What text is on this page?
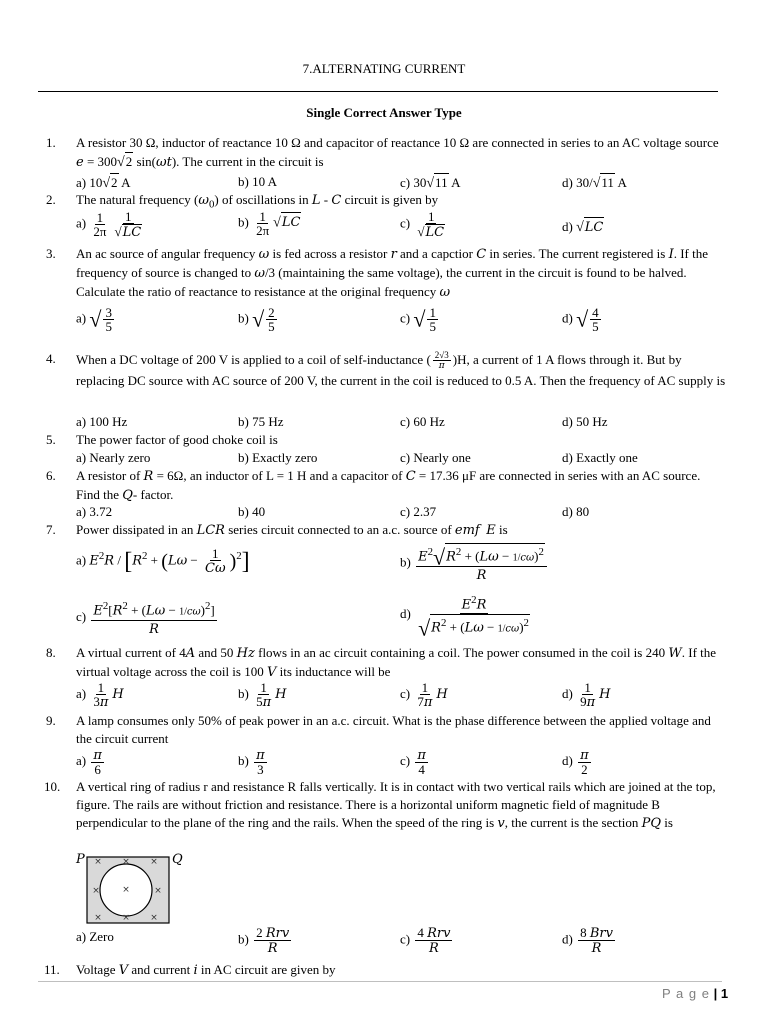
7.ALTERNATING CURRENT
Single Correct Answer Type
1.	A resistor 30 Ω, inductor of reactance 10 Ω and capacitor of reactance 10 Ω are connected in series to an AC voltage source e = 300√2 sin(ωt). The current in the circuit is
a) 10√2 A	b) 10 A	c) 30√11 A	d) 30/√11 A
2.	The natural frequency $(\omega_0)$ of oscillations in L - C circuit is given by
$a) \frac{1}{2\pi} \frac{1}{√LC}$	$b) \frac{1}{2\pi} √LC$	$c) \frac{1}{√LC}$	d) √LC
3.	An ac source of angular frequency ω is fed across a resistor r and a capctior C in series. The current registered is I. If the frequency of source is changed to ω/3 (maintaining the same voltage), the current in the circuit is found to be halved. Calculate the ratio of reactance to resistance at the original frequency ω
a) √ $\frac{3}{5}$	b) √ $\frac{2}{5}$	c) √ $\frac{1}{5}$	d) √ $\frac{4}{5}$
4.	When a DC voltage of 200 V is applied to a coil of self-inductance ( $\frac{2√3}{\pi} )H$, a current of 1 A flows through it. But by replacing DC source with AC source of 200 V, the current in the coil is reduced to 0.5 A. Then the frequency of AC supply is
a) 100 Hz	b) 75 Hz	c) 60 Hz	d) 50 Hz
5.	The power factor of good choke coil is
a) Nearly zero	b) Exactly zero	c) Nearly one	d) Exactly one
6.	A resistor of R = 6Ω, an inductor of L = 1 H and a capacitor of C = 17.36 μF are connected in series with an AC source. Find the Q- factor.
a) 3.72	b) 40	c) 2.37	d) 80
7.	Power dissipated in an LCR series circuit connected to an a.c. source of emf E is
a) $E^2R / [R^2 + (L\omega - \frac{1}{C\omega} )^2]$	$b) \frac{E^2√R^2 + (L\omega - 1/c\omega)^2}{R}$
$c) \frac{E^2[R^2 + (L\omega - 1/c\omega)^2]}{R}$	$d) \frac{E^2R}{√R^2 + (L\omega - 1/c\omega)^2}$
8.	A virtual current of 4A and 50 Hz flows in an ac circuit containing a coil. The power consumed in the coil is 240 W. If the virtual voltage across the coil is 100 V its inductance will be
$a) \frac{1}{3\pi}$ H	$b) \frac{1}{5\pi}$ H	$c) \frac{1}{7\pi}$ H	$d) \frac{1}{9\pi}$ H
9.	A lamp consumes only 50% of peak power in an a.c. circuit. What is the phase difference between the applied voltage and the circuit current
$a) \frac{\pi}{6}$	$b) \frac{\pi}{3}$	$c) \frac{\pi}{4}$	$d) \frac{\pi}{2}$
10.	A vertical ring of radius r and resistance R falls vertically. It is in contact with two vertical rails which are joined at the top, figure. The rails are without friction and resistance. There is a horizontal uniform magnetic field of magnitude B perpendicular to the plane of the ring and the rails. When the speed of the ring is v, the current is the section PQ is
P	Q
× × ×
× ×	×
× × ×
a) Zero	$b) \frac{\text{2 Rrv}}{R}$	$c) \frac{\text{4 Rrv}}{R}$	$d) \frac{\text{8 Brv}}{R}$
11.	Voltage V and current i in AC circuit are given by
P a g e | 1
